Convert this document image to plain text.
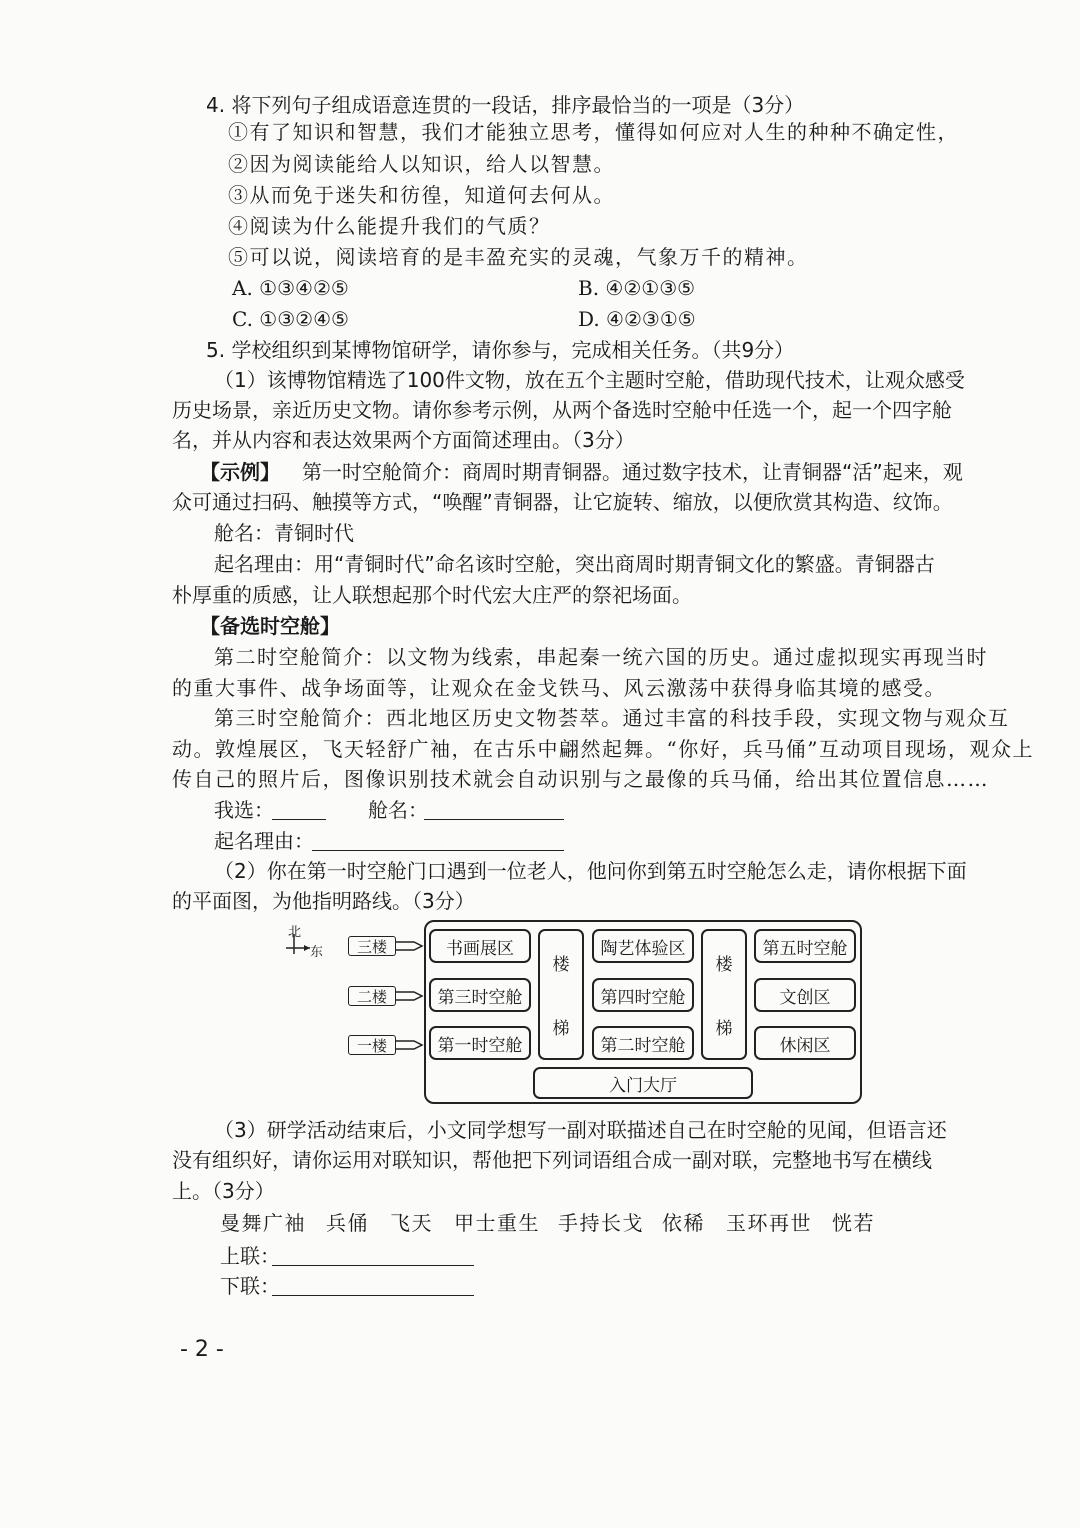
4. 将下列句子组成语意连贯的一段话，排序最恰当的一项是（3分）
①有了知识和智慧，我们才能独立思考，懂得如何应对人生的种种不确定性，
②因为阅读能给人以知识，给人以智慧。
③从而免于迷失和彷徨，知道何去何从。
④阅读为什么能提升我们的气质？
⑤可以说，阅读培育的是丰盈充实的灵魂，气象万千的精神。
A. ①③④②⑤	B. ④②①③⑤
C. ①③②④⑤	D. ④②③①⑤
5. 学校组织到某博物馆研学，请你参与，完成相关任务。（共9分）
（1）该博物馆精选了100件文物，放在五个主题时空舱，借助现代技术，让观众感受
历史场景，亲近历史文物。请你参考示例，从两个备选时空舱中任选一个，起一个四字舱
名，并从内容和表达效果两个方面简述理由。（3分）
【示例】 第一时空舱简介：商周时期青铜器。通过数字技术，让青铜器“活”起来，观
众可通过扫码、触摸等方式，“唤醒”青铜器，让它旋转、缩放，以便欣赏其构造、纹饰。
舱名：青铜时代
起名理由：用“青铜时代”命名该时空舱，突出商周时期青铜文化的繁盛。青铜器古
朴厚重的质感，让人联想起那个时代宏大庄严的祭祀场面。
【备选时空舱】
第二时空舱简介：以文物为线索，串起秦一统六国的历史。通过虚拟现实再现当时
的重大事件、战争场面等，让观众在金戈铁马、风云激荡中获得身临其境的感受。
第三时空舱简介：西北地区历史文物荟萃。通过丰富的科技手段，实现文物与观众互
动。敦煌展区，飞天轻舒广袖，在古乐中翩然起舞。“你好，兵马俑”互动项目现场，观众上
传自己的照片后，图像识别技术就会自动识别与之最像的兵马俑，给出其位置信息……
我选：	舱名：
起名理由：
（2）你在第一时空舱门口遇到一位老人，他问你到第五时空舱怎么走，请你根据下面
的平面图，为他指明路线。（3分）
北
东 三楼
二楼
一楼
书画展区
第三时空舱
第一时空舱
楼
梯
陶艺体验区
第四时空舱
第二时空舱
楼
梯
第五时空舱
文创区
休闲区
入门大厅
（3）研学活动结束后，小文同学想写一副对联描述自己在时空舱的见闻，但语言还
没有组织好，请你运用对联知识，帮他把下列词语组合成一副对联，完整地书写在横线
上。（3分）
曼舞广袖 兵俑 飞天 甲士重生 手持长戈 依稀 玉环再世 恍若
上联：
下联：
- 2 -
